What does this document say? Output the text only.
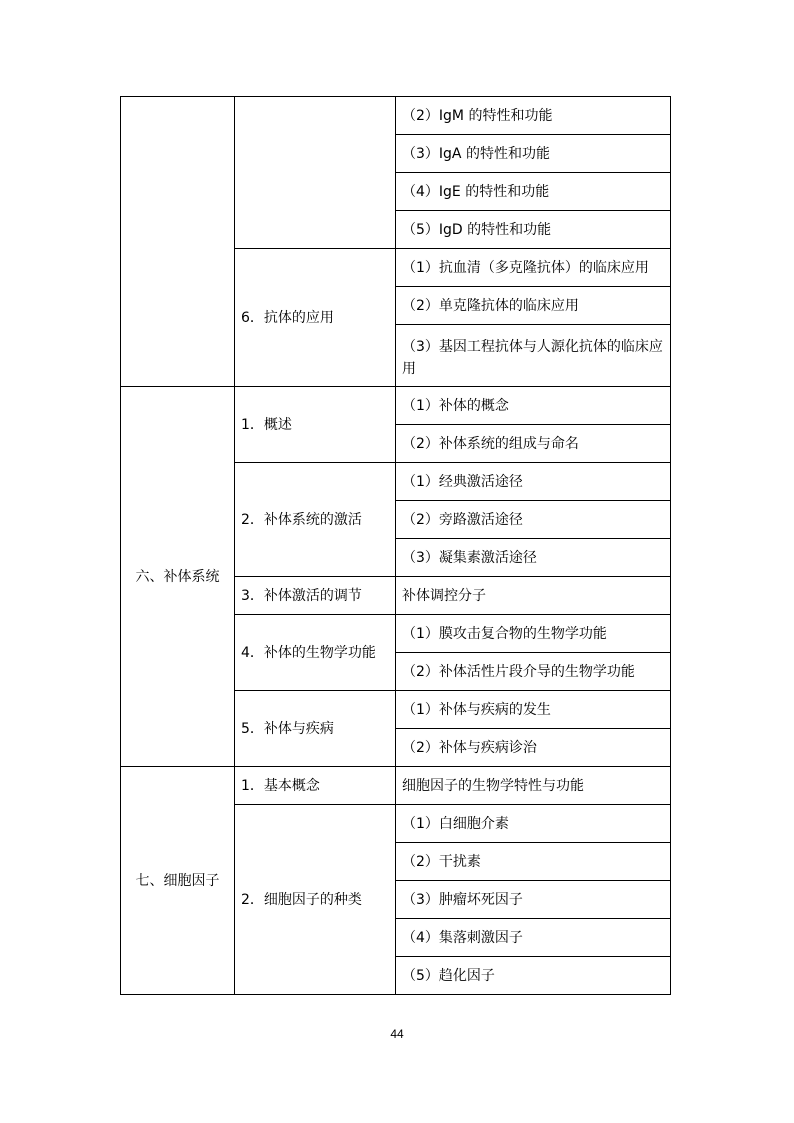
		（2）IgM 的特性和功能
		（3）IgA 的特性和功能
		（4）IgE 的特性和功能
		（5）IgD 的特性和功能
	6．抗体的应用	（1）抗血清（多克隆抗体）的临床应用
		（2）单克隆抗体的临床应用
		（3）基因工程抗体与人源化抗体的临床应用
六、补体系统	1．概述	（1）补体的概念
		（2）补体系统的组成与命名
	2．补体系统的激活	（1）经典激活途径
		（2）旁路激活途径
		（3）凝集素激活途径
	3．补体激活的调节	补体调控分子
	4．补体的生物学功能	（1）膜攻击复合物的生物学功能
		（2）补体活性片段介导的生物学功能
	5．补体与疾病	（1）补体与疾病的发生
		（2）补体与疾病诊治
七、细胞因子	1．基本概念	细胞因子的生物学特性与功能
	2．细胞因子的种类	（1）白细胞介素
		（2）干扰素
		（3）肿瘤坏死因子
		（4）集落刺激因子
		（5）趋化因子
44
